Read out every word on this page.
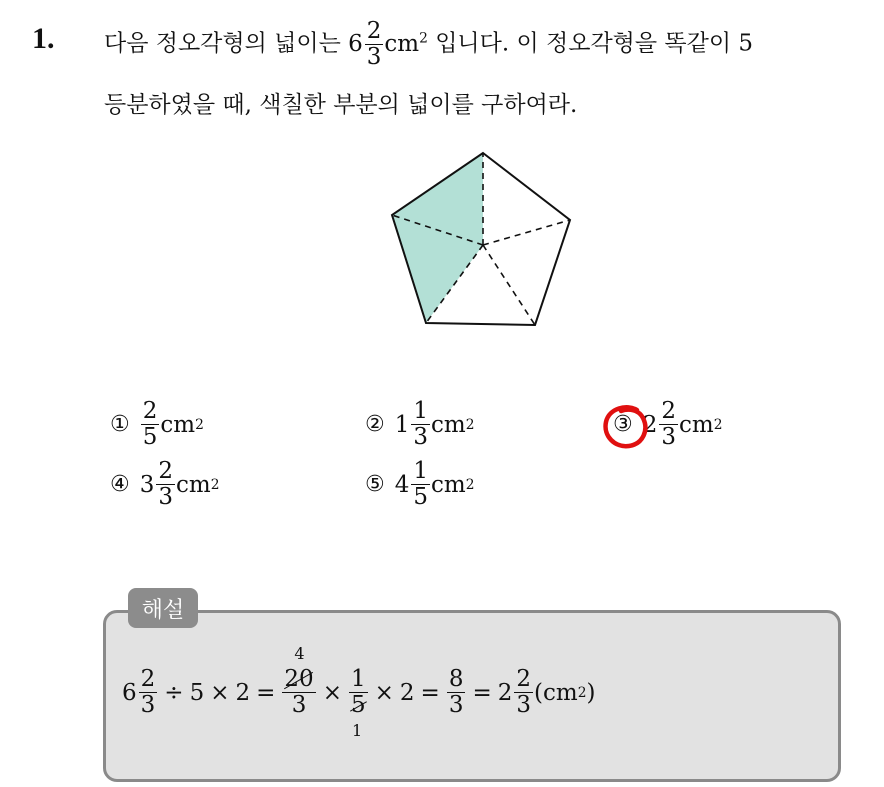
1. 다음 정오각형의 넓이는 $6 \frac{2}{3} cm^2$ 입니다. 이 정오각형을 똑같이 5
등분하였을 때, 색칠한 부분의 넓이를 구하여라.
① $\frac{2}{5}$ cm 2	② $1 \frac{1}{3}$ cm 2	③ $2 \frac{2}{3}$ cm 2
④ $3 \frac{2}{3}$ cm 2	⑤ $4 \frac{1}{5}$ cm 2
해설
$6 \frac{2}{3} \div 5 \times 2$ =
4
20
3 ×
1
5
1
× $2 = \frac{8}{3} = 2 \frac{2}{3} (cm$ 2 )
